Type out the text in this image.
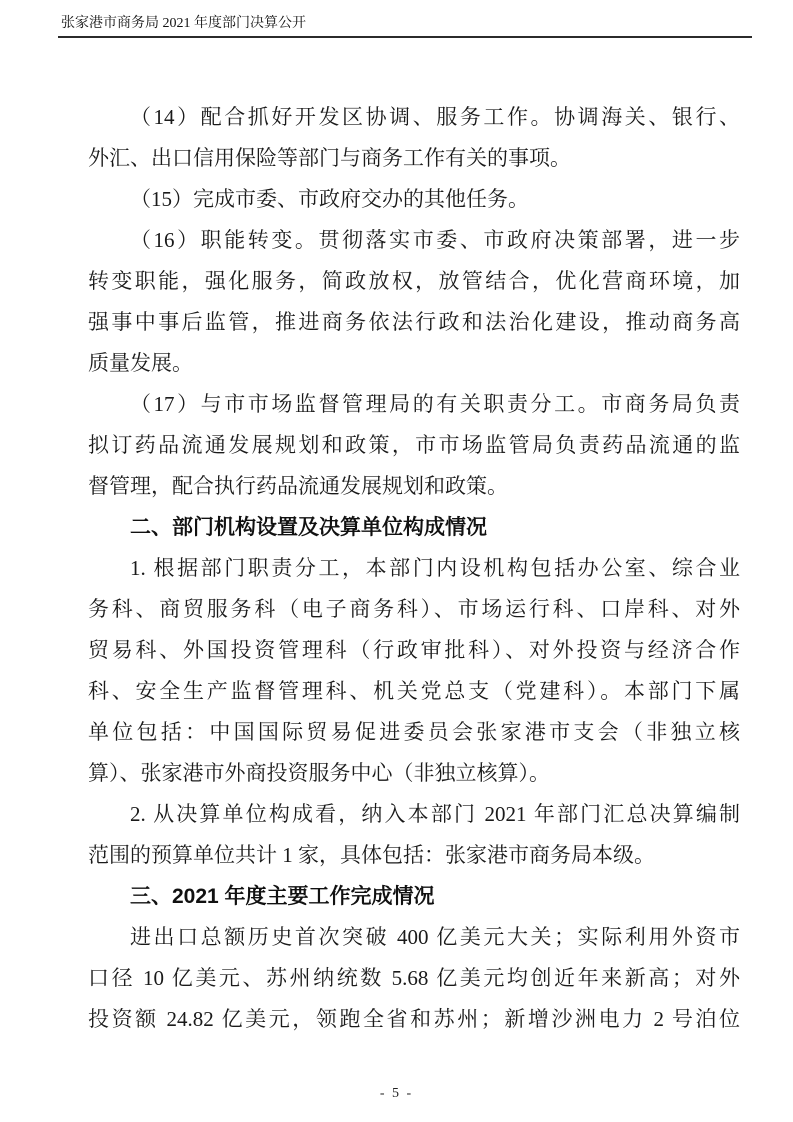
张家港市商务局 2021 年度部门决算公开

（14）配合抓好开发区协调、服务工作。协调海关、银行、
外汇、出口信用保险等部门与商务工作有关的事项。

（15）完成市委、市政府交办的其他任务。

（16）职能转变。贯彻落实市委、市政府决策部署，进一步
转变职能，强化服务，简政放权，放管结合，优化营商环境，加
强事中事后监管，推进商务依法行政和法治化建设，推动商务高
质量发展。

（17）与市市场监督管理局的有关职责分工。市商务局负责
拟订药品流通发展规划和政策，市市场监管局负责药品流通的监
督管理，配合执行药品流通发展规划和政策。

二、部门机构设置及决算单位构成情况

1. 根据部门职责分工，本部门内设机构包括办公室、综合业
务科、商贸服务科（电子商务科）、市场运行科、口岸科、对外
贸易科、外国投资管理科（行政审批科）、对外投资与经济合作
科、安全生产监督管理科、机关党总支（党建科）。本部门下属
单位包括：中国国际贸易促进委员会张家港市支会（非独立核
算）、张家港市外商投资服务中心（非独立核算）。

2. 从决算单位构成看，纳入本部门 2021 年部门汇总决算编制
范围的预算单位共计 1 家，具体包括：张家港市商务局本级。

三、2021 年度主要工作完成情况

进出口总额历史首次突破 400 亿美元大关；实际利用外资市
口径 10 亿美元、苏州纳统数 5.68 亿美元均创近年来新高；对外
投资额 24.82 亿美元，领跑全省和苏州；新增沙洲电力 2 号泊位

- 5 -
